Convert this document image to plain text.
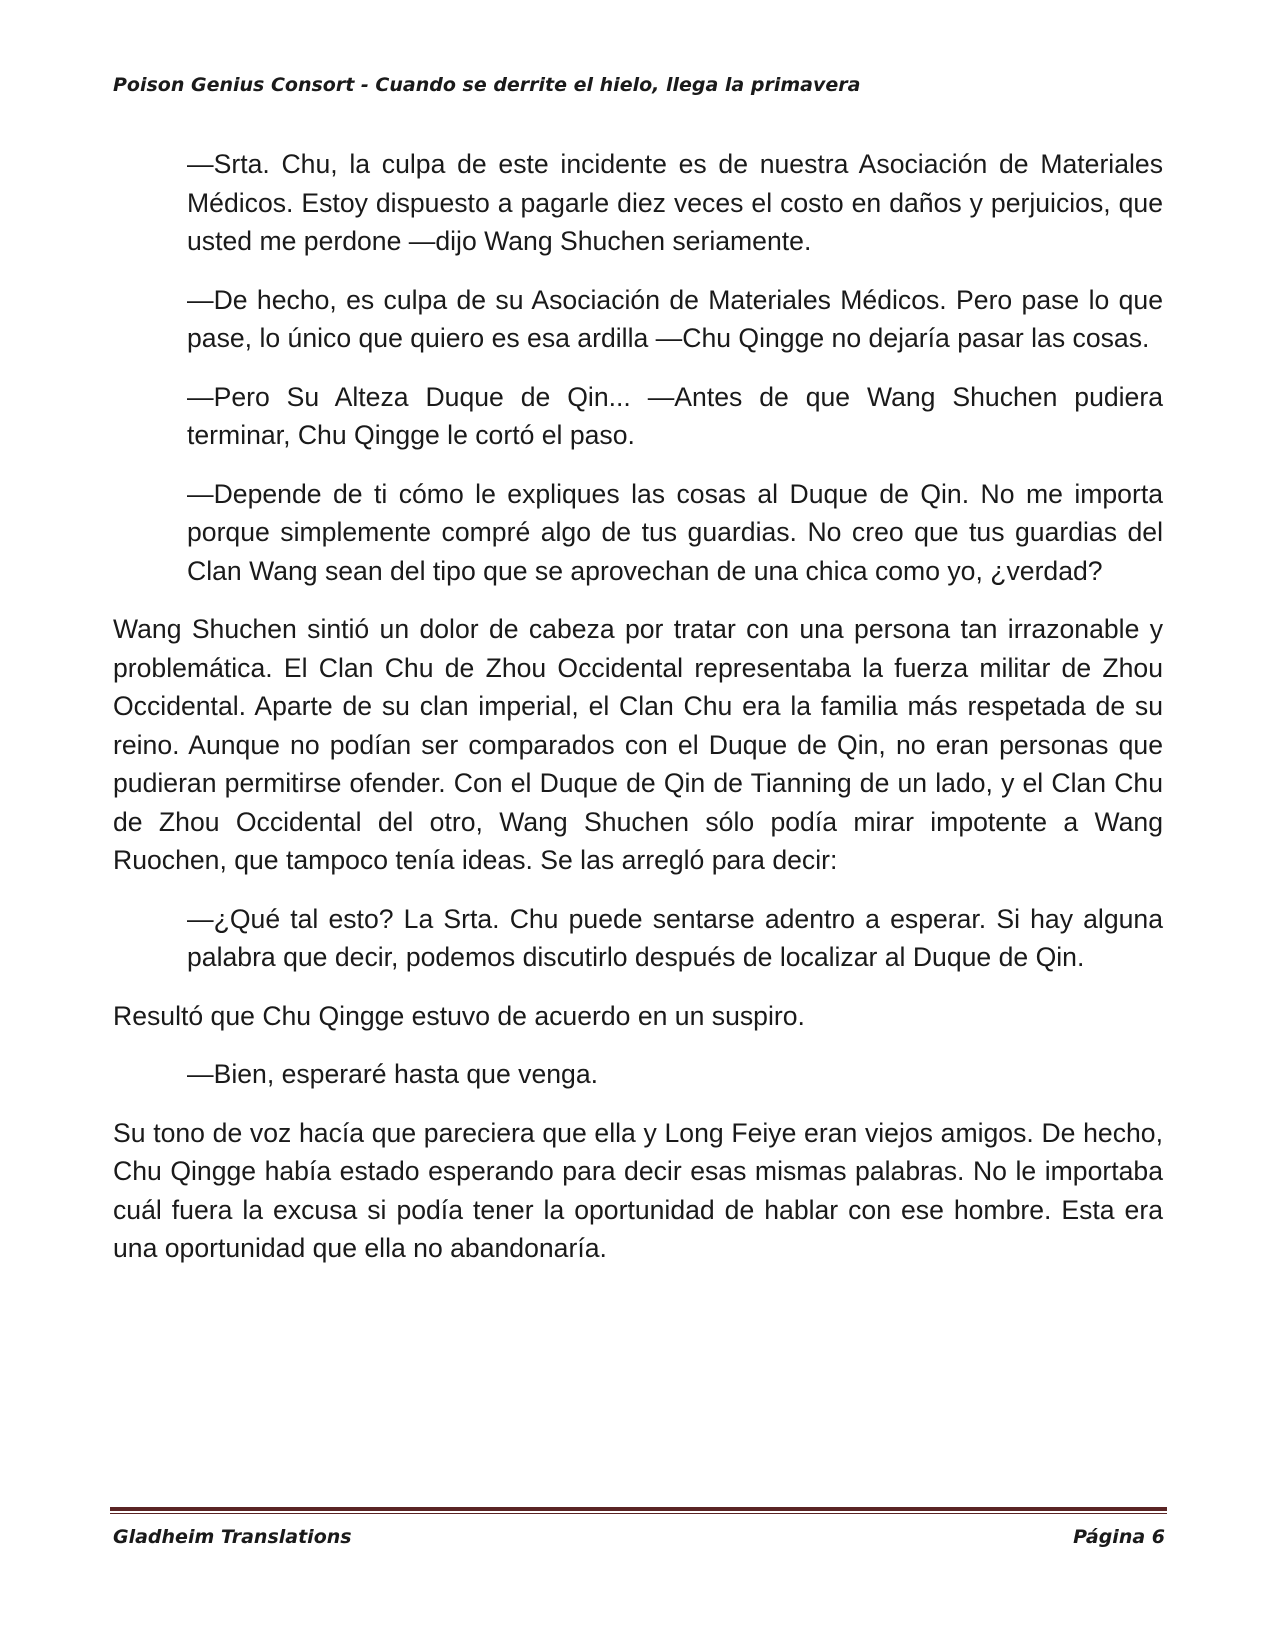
Poison Genius Consort - Cuando se derrite el hielo, llega la primavera

—Srta. Chu, la culpa de este incidente es de nuestra Asociación de Materiales Médicos. Estoy dispuesto a pagarle diez veces el costo en daños y perjuicios, que usted me perdone —dijo Wang Shuchen seriamente.

—De hecho, es culpa de su Asociación de Materiales Médicos. Pero pase lo que pase, lo único que quiero es esa ardilla —Chu Qingge no dejaría pasar las cosas.

—Pero Su Alteza Duque de Qin... —Antes de que Wang Shuchen pudiera terminar, Chu Qingge le cortó el paso.

—Depende de ti cómo le expliques las cosas al Duque de Qin. No me importa porque simplemente compré algo de tus guardias. No creo que tus guardias del Clan Wang sean del tipo que se aprovechan de una chica como yo, ¿verdad?

Wang Shuchen sintió un dolor de cabeza por tratar con una persona tan irrazonable y problemática. El Clan Chu de Zhou Occidental representaba la fuerza militar de Zhou Occidental. Aparte de su clan imperial, el Clan Chu era la familia más respetada de su reino. Aunque no podían ser comparados con el Duque de Qin, no eran personas que pudieran permitirse ofender. Con el Duque de Qin de Tianning de un lado, y el Clan Chu de Zhou Occidental del otro, Wang Shuchen sólo podía mirar impotente a Wang Ruochen, que tampoco tenía ideas. Se las arregló para decir:

—¿Qué tal esto? La Srta. Chu puede sentarse adentro a esperar. Si hay alguna palabra que decir, podemos discutirlo después de localizar al Duque de Qin.

Resultó que Chu Qingge estuvo de acuerdo en un suspiro.

—Bien, esperaré hasta que venga.

Su tono de voz hacía que pareciera que ella y Long Feiye eran viejos amigos. De hecho, Chu Qingge había estado esperando para decir esas mismas palabras. No le importaba cuál fuera la excusa si podía tener la oportunidad de hablar con ese hombre. Esta era una oportunidad que ella no abandonaría.

Gladheim Translations	Página 6
